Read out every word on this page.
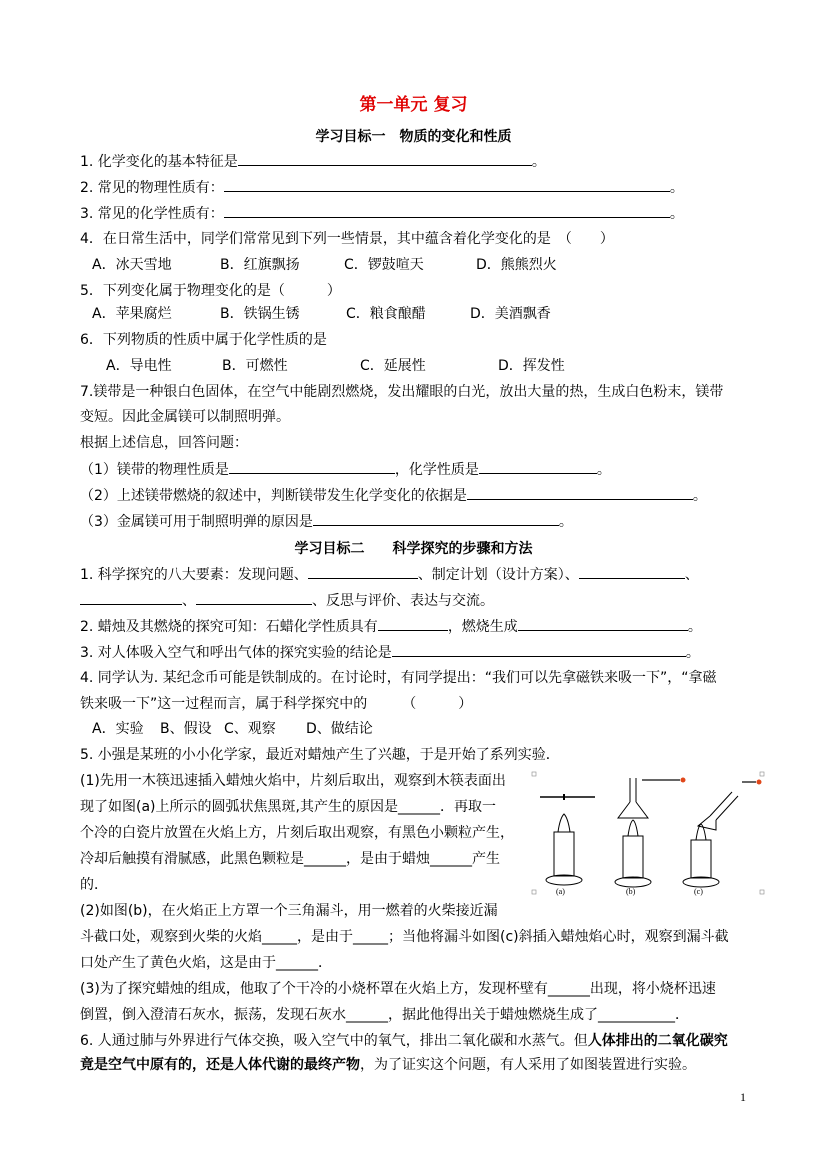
第一单元 复习
学习目标一　物质的变化和性质
1. 化学变化的基本特征是	。
2. 常见的物理性质有：	。
3. 常见的化学性质有：	。
4．在日常生活中，同学们常常见到下列一些情景，其中蕴含着化学变化的是　（　　）
A．冰天雪地	B．红旗飘扬	C．锣鼓喧天	D．熊熊烈火
5．下列变化属于物理变化的是（　　　）
A．苹果腐烂	B．铁锅生锈	C．粮食酿醋	D．美酒飘香
6．下列物质的性质中属于化学性质的是
A．导电性	B．可燃性	C．延展性	D．挥发性
7.镁带是一种银白色固体，在空气中能剧烈燃烧，发出耀眼的白光，放出大量的热，生成白色粉末，镁带
变短。因此金属镁可以制照明弹。
根据上述信息，回答问题：
（1）镁带的物理性质是	，化学性质是	。
（2）上述镁带燃烧的叙述中，判断镁带发生化学变化的依据是	。
（3）金属镁可用于制照明弹的原因是	。
学习目标二　　科学探究的步骤和方法
1. 科学探究的八大要素：发现问题、	、制定计划（设计方案）、	、
、	、反思与评价、表达与交流。
2. 蜡烛及其燃烧的探究可知：石蜡化学性质具有	，燃烧生成	。
3. 对人体吸入空气和呼出气体的探究实验的结论是	。
4. 同学认为. 某纪念币可能是铁制成的。在讨论时，有同学提出：“我们可以先拿磁铁来吸一下”，“拿磁
铁来吸一下”这一过程而言，属于科学探究中的　　　（　　　）
A．实验 B、假设 C、观察 D、做结论
5. 小强是某班的小小化学家，最近对蜡烛产生了兴趣，于是开始了系列实验．
(1)先用一木筷迅速插入蜡烛火焰中，片刻后取出，观察到木筷表面出
现了如图(a)上所示的圆弧状焦黑斑,其产生的原因是______．再取一
个冷的白瓷片放置在火焰上方，片刻后取出观察，有黑色小颗粒产生，
冷却后触摸有滑腻感，此黑色颗粒是______，是由于蜡烛______产生
的．
(2)如图(b)，在火焰正上方罩一个三角漏斗，用一燃着的火柴接近漏
斗截口处，观察到火柴的火焰_____，是由于_____；当他将漏斗如图(c)斜插入蜡烛焰心时，观察到漏斗截
口处产生了黄色火焰，这是由于______．
(3)为了探究蜡烛的组成，他取了个干冷的小烧杯罩在火焰上方，发现杯壁有______出现，将小烧杯迅速
倒置，倒入澄清石灰水，振荡，发现石灰水______，据此他得出关于蜡烛燃烧生成了___________．
6. 人通过肺与外界进行气体交换，吸入空气中的氧气，排出二氧化碳和水蒸气。但人体排出的二氧化碳究
竟是空气中原有的，还是人体代谢的最终产物，为了证实这个问题，有人采用了如图装置进行实验。
(a)	(b)	(c)
1
